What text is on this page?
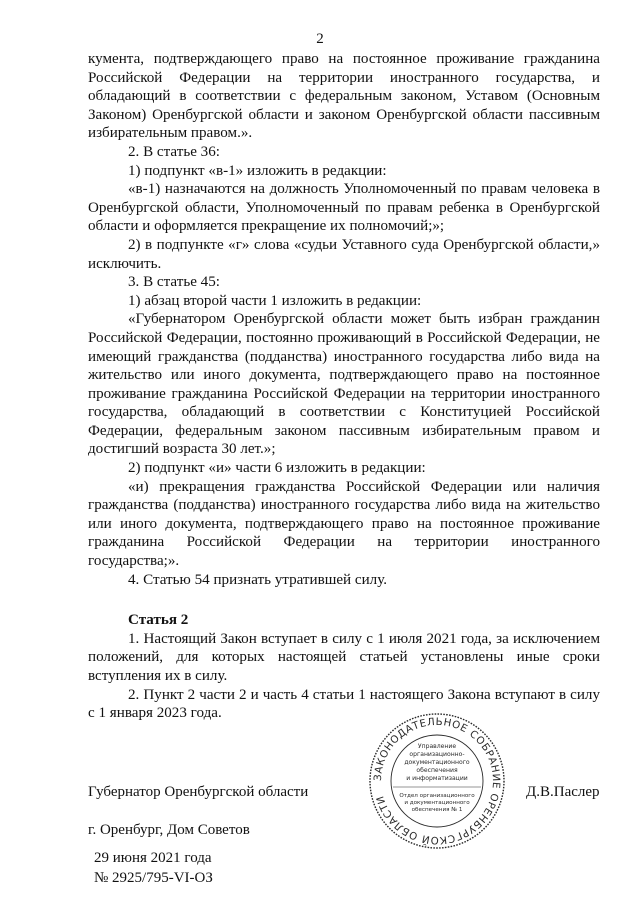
2

кумента, подтверждающего право на постоянное проживание гражданина Российской Федерации на территории иностранного государства, и обладающий в соответствии с федеральным законом, Уставом (Основным Законом) Оренбургской области и законом Оренбургской области пассивным избирательным правом.».

2. В статье 36:

1) подпункт «в-1» изложить в редакции:

«в-1) назначаются на должность Уполномоченный по правам человека в Оренбургской области, Уполномоченный по правам ребенка в Оренбургской области и оформляется прекращение их полномочий;»;

2) в подпункте «г» слова «судьи Уставного суда Оренбургской области,» исключить.

3. В статье 45:

1) абзац второй части 1 изложить в редакции:

«Губернатором Оренбургской области может быть избран гражданин Российской Федерации, постоянно проживающий в Российской Федерации, не имеющий гражданства (подданства) иностранного государства либо вида на жительство или иного документа, подтверждающего право на постоянное проживание гражданина Российской Федерации на территории иностранного государства, обладающий в соответствии с Конституцией Российской Федерации, федеральным законом пассивным избирательным правом и достигший возраста 30 лет.»;

2) подпункт «и» части 6 изложить в редакции:

«и) прекращения гражданства Российской Федерации или наличия гражданства (подданства) иностранного государства либо вида на жительство или иного документа, подтверждающего право на постоянное проживание гражданина Российской Федерации на территории иностранного государства;».

4. Статью 54 признать утратившей силу.

Статья 2

1. Настоящий Закон вступает в силу с 1 июля 2021 года, за исключением положений, для которых настоящей статьей установлены иные сроки вступления их в силу.

2. Пункт 2 части 2 и часть 4 статьи 1 настоящего Закона вступают в силу с 1 января 2023 года.

ЗАКОНОДАТЕЛЬНОЕ СОБРАНИЕ ОРЕНБУРГСКОЙ ОБЛАСТИ
Управление
организационно-
документационного
обеспечения
и информатизации
Отдел организационного
и документационного
обеспечения № 1
Губернатор Оренбургской области	Д.В.Паслер
г. Оренбург, Дом Советов
29 июня 2021 года
№ 2925/795-VI-ОЗ
